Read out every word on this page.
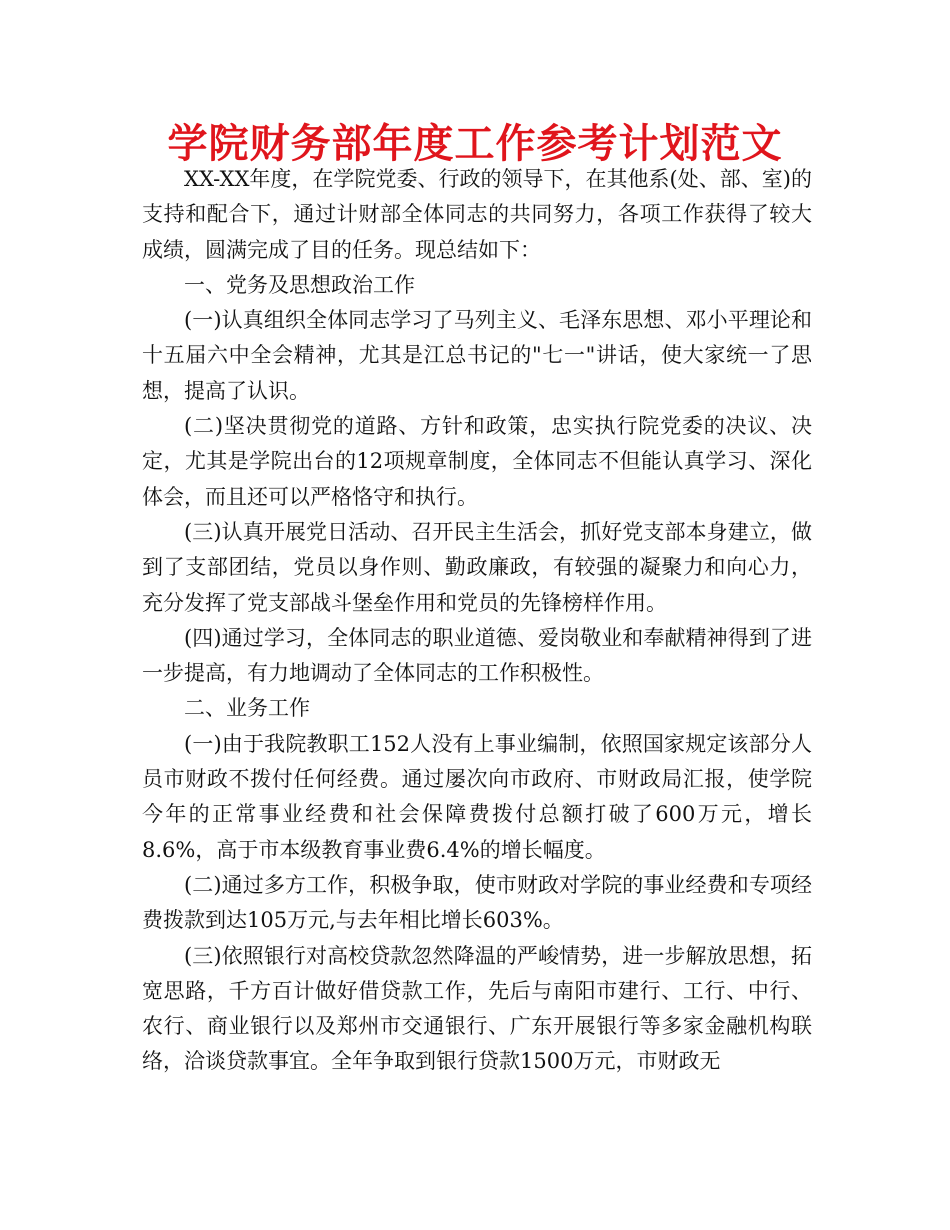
学院财务部年度工作参考计划范文

XX-XX年度，在学院党委、行政的领导下，在其他系(处、部、室)的支持和配合下，通过计财部全体同志的共同努力，各项工作获得了较大成绩，圆满完成了目的任务。现总结如下：

一、党务及思想政治工作

(一)认真组织全体同志学习了马列主义、毛泽东思想、邓小平理论和十五届六中全会精神，尤其是江总书记的"七一"讲话，使大家统一了思想，提高了认识。

(二)坚决贯彻党的道路、方针和政策，忠实执行院党委的决议、决定，尤其是学院出台的12项规章制度，全体同志不但能认真学习、深化体会，而且还可以严格恪守和执行。

(三)认真开展党日活动、召开民主生活会，抓好党支部本身建立，做到了支部团结，党员以身作则、勤政廉政，有较强的凝聚力和向心力，充分发挥了党支部战斗堡垒作用和党员的先锋榜样作用。

(四)通过学习，全体同志的职业道德、爱岗敬业和奉献精神得到了进一步提高，有力地调动了全体同志的工作积极性。

二、业务工作

(一)由于我院教职工152人没有上事业编制，依照国家规定该部分人员市财政不拨付任何经费。通过屡次向市政府、市财政局汇报，使学院今年的正常事业经费和社会保障费拨付总额打破了600万元，增长8.6%，高于市本级教育事业费6.4%的增长幅度。

(二)通过多方工作，积极争取，使市财政对学院的事业经费和专项经费拨款到达105万元,与去年相比增长603%。

(三)依照银行对高校贷款忽然降温的严峻情势，进一步解放思想，拓宽思路，千方百计做好借贷款工作，先后与南阳市建行、工行、中行、农行、商业银行以及郑州市交通银行、广东开展银行等多家金融机构联络，洽谈贷款事宜。全年争取到银行贷款1500万元，市财政无
